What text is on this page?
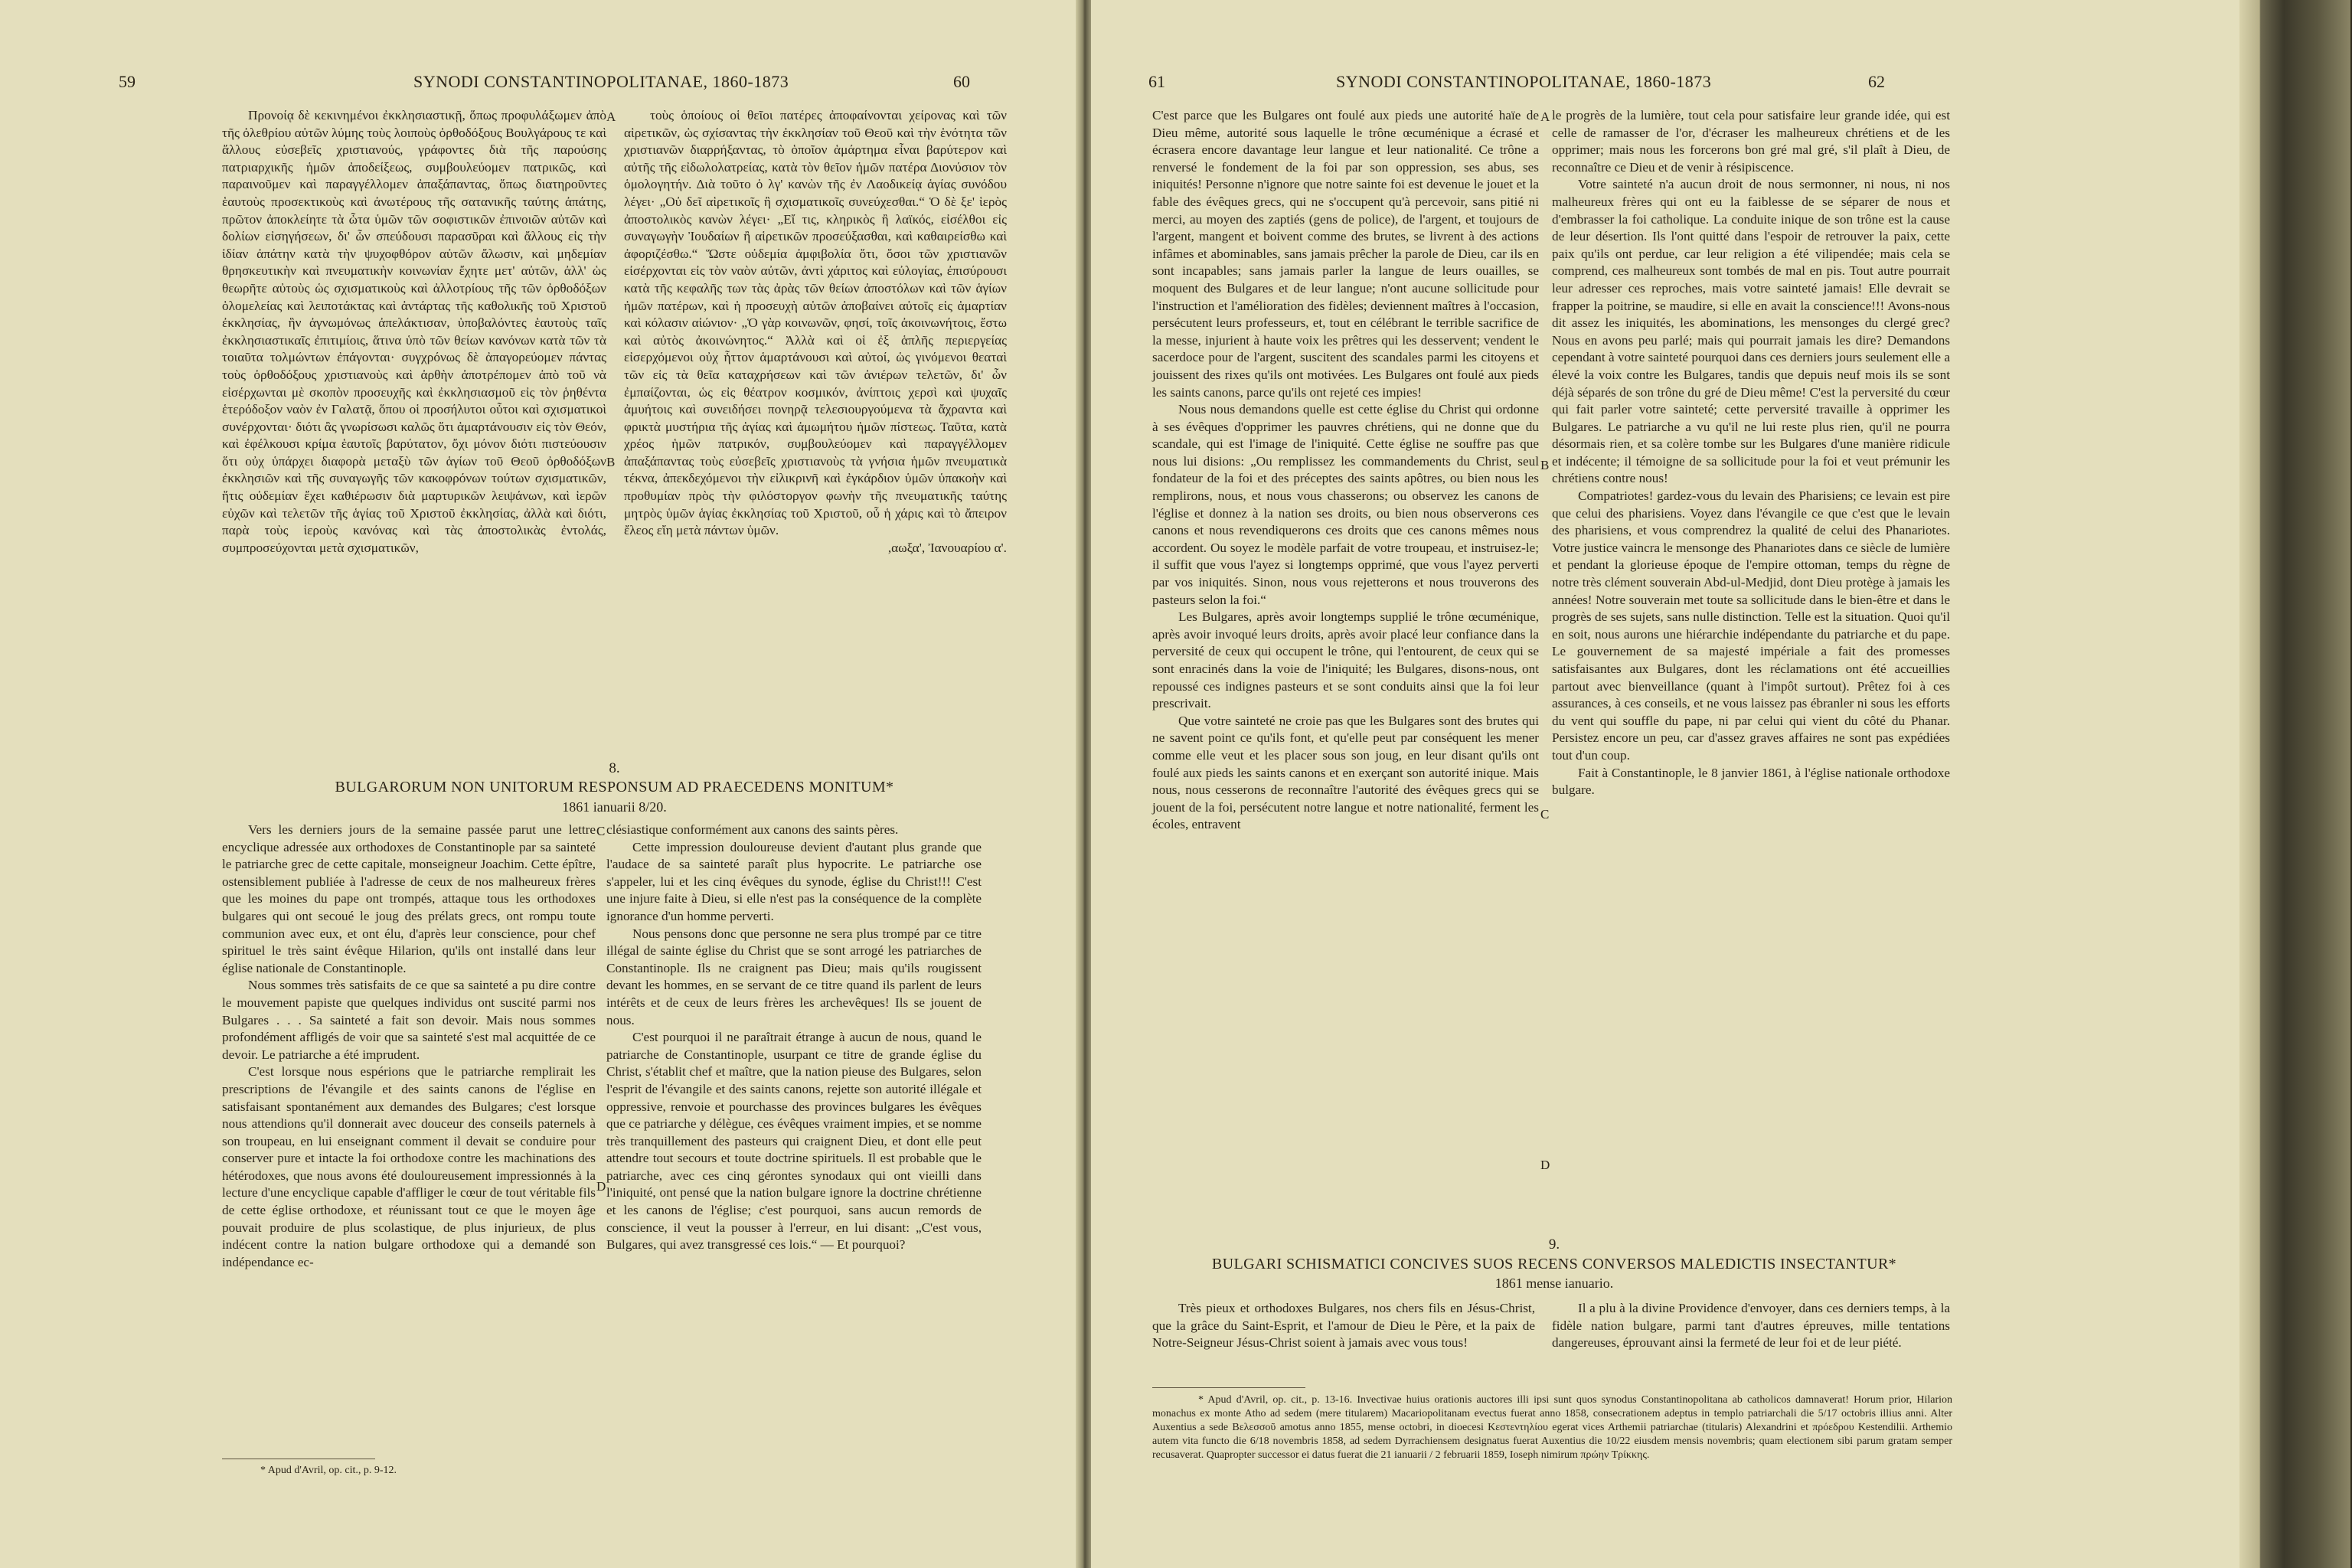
59	SYNODI CONSTANTINOPOLITANAE, 1860-1873	60

Προνοίᾳ δὲ κεκινημένοι ἐκκλησιαστικῇ, ὅπως προφυλάξωμεν ἀπὸ τῆς ὀλεθρίου αὐτῶν λύμης τοὺς λοιποὺς ὀρθοδόξους Βουλγάρους τε καὶ ἄλλους εὐσεβεῖς χριστιανούς, γράφοντες διὰ τῆς παρούσης πατριαρχικῆς ἡμῶν ἀποδείξεως, συμβουλεύομεν πατρικῶς, καὶ παραινοῦμεν καὶ παραγγέλλομεν ἀπαξάπαντας, ὅπως διατηροῦντες ἑαυτοὺς προσεκτικοὺς καὶ ἀνωτέρους τῆς σατανικῆς ταύτης ἀπάτης, πρῶτον ἀποκλείητε τὰ ὦτα ὑμῶν τῶν σοφιστικῶν ἐπινοιῶν αὐτῶν καὶ δολίων εἰσηγήσεων, δι' ὧν σπεύδουσι παρασῦραι καὶ ἄλλους εἰς τὴν ἰδίαν ἀπάτην κατὰ τὴν ψυχοφθόρον αὐτῶν ἄλωσιν, καὶ μηδεμίαν θρησκευτικὴν καὶ πνευματικὴν κοινωνίαν ἔχητε μετ' αὐτῶν, ἀλλ' ὡς θεωρῆτε αὐτοὺς ὡς σχισματικοὺς καὶ ἀλλοτρίους τῆς τῶν ὀρθοδόξων ὁλομελείας καὶ λειποτάκτας καὶ ἀντάρτας τῆς καθολικῆς τοῦ Χριστοῦ ἐκκλησίας, ἣν ἀγνωμόνως ἀπελάκτισαν, ὑποβαλόντες ἑαυτοὺς ταῖς ἐκκλησιαστικαῖς ἐπιτιμίοις, ἅτινα ὑπὸ τῶν θείων κανόνων κατὰ τῶν τὰ τοιαῦτα τολμώντων ἐπάγονται· συγχρόνως δὲ ἀπαγορεύομεν πάντας τοὺς ὀρθοδόξους χριστιανοὺς καὶ ἀρθὴν ἀποτρέπομεν ἀπὸ τοῦ νὰ εἰσέρχωνται μὲ σκοπὸν προσευχῆς καὶ ἐκκλησιασμοῦ εἰς τὸν ῥηθέντα ἑτερόδοξον ναὸν ἐν Γαλατᾷ, ὅπου οἱ προσήλυτοι οὗτοι καὶ σχισματικοὶ συνέρχονται· διότι ἂς γνωρίσωσι καλῶς ὅτι ἁμαρτάνουσιν εἰς τὸν Θεόν, καὶ ἐφέλκουσι κρίμα ἑαυτοῖς βαρύτατον, ὄχι μόνον διότι πιστεύουσιν ὅτι οὐχ ὑπάρχει διαφορὰ μεταξὺ τῶν ἁγίων τοῦ Θεοῦ ὀρθοδόξων ἐκκλησιῶν καὶ τῆς συναγωγῆς τῶν κακοφρόνων τούτων σχισματικῶν, ἥτις οὐδεμίαν ἔχει καθιέρωσιν διὰ μαρτυρικῶν λειψάνων, καὶ ἱερῶν εὐχῶν καὶ τελετῶν τῆς ἁγίας τοῦ Χριστοῦ ἐκκλησίας, ἀλλὰ καὶ διότι, παρὰ τοὺς ἱεροὺς κανόνας καὶ τὰς ἀποστολικὰς ἐντολάς, συμπροσεύχονται μετὰ σχισματικῶν,

τοὺς ὁποίους οἱ θεῖοι πατέρες ἀποφαίνονται χείρονας καὶ τῶν αἱρετικῶν, ὡς σχίσαντας τὴν ἐκκλησίαν τοῦ Θεοῦ καὶ τὴν ἑνότητα τῶν χριστιανῶν διαρρήξαντας, τὸ ὁποῖον ἁμάρτημα εἶναι βαρύτερον καὶ αὐτῆς τῆς εἰδωλολατρείας, κατὰ τὸν θεῖον ἡμῶν πατέρα Διονύσιον τὸν ὁμολογητήν. Διὰ τοῦτο ὁ λγ' κανὼν τῆς ἐν Λαοδικείᾳ ἁγίας συνόδου λέγει· „Οὐ δεῖ αἱρετικοῖς ἢ σχισματικοῖς συνεύχεσθαι.“ Ὁ δὲ ξε' ἱερὸς ἀποστολικὸς κανὼν λέγει· „Εἴ τις, κληρικὸς ἢ λαϊκός, εἰσέλθοι εἰς συναγωγὴν Ἰουδαίων ἢ αἱρετικῶν προσεύξασθαι, καὶ καθαιρείσθω καὶ ἀφοριζέσθω.“ Ὥστε οὐδεμία ἀμφιβολία ὅτι, ὅσοι τῶν χριστιανῶν εἰσέρχονται εἰς τὸν ναὸν αὐτῶν, ἀντὶ χάριτος καὶ εὐλογίας, ἐπισύρουσι κατὰ τῆς κεφαλῆς των τὰς ἀρὰς τῶν θείων ἀποστόλων καὶ τῶν ἁγίων ἡμῶν πατέρων, καὶ ἡ προσευχὴ αὐτῶν ἀποβαίνει αὐτοῖς εἰς ἁμαρτίαν καὶ κόλασιν αἰώνιον· „Ὁ γὰρ κοινωνῶν, φησί, τοῖς ἀκοινωνήτοις, ἔστω καὶ αὐτὸς ἀκοινώνητος.“ Ἀλλὰ καὶ οἱ ἐξ ἁπλῆς περιεργείας εἰσερχόμενοι οὐχ ἧττον ἁμαρτάνουσι καὶ αὐτοί, ὡς γινόμενοι θεαταὶ τῶν εἰς τὰ θεῖα καταχρήσεων καὶ τῶν ἀνιέρων τελετῶν, δι' ὧν ἐμπαίζονται, ὡς εἰς θέατρον κοσμικόν, ἀνίπτοις χερσὶ καὶ ψυχαῖς ἀμυήτοις καὶ συνειδήσει πονηρᾷ τελεσιουργούμενα τὰ ἄχραντα καὶ φρικτὰ μυστήρια τῆς ἁγίας καὶ ἀμωμήτου ἡμῶν πίστεως. Ταῦτα, κατὰ χρέος ἡμῶν πατρικόν, συμβουλεύομεν καὶ παραγγέλλομεν ἀπαξάπαντας τοὺς εὐσεβεῖς χριστιανοὺς τὰ γνήσια ἡμῶν πνευματικὰ τέκνα, ἀπεκδεχόμενοι τὴν εἰλικρινῆ καὶ ἐγκάρδιον ὑμῶν ὑπακοὴν καὶ προθυμίαν πρὸς τὴν φιλόστοργον φωνὴν τῆς πνευματικῆς ταύτης μητρὸς ὑμῶν ἁγίας ἐκκλησίας τοῦ Χριστοῦ, οὗ ἡ χάρις καὶ τὸ ἄπειρον ἔλεος εἴη μετὰ πάντων ὑμῶν.

,αωξα', Ἰανουαρίου α'.

A
B
8.
BULGARORUM NON UNITORUM RESPONSUM AD PRAECEDENS MONITUM*
1861 ianuarii 8/20.

Vers les derniers jours de la semaine passée parut une lettre encyclique adressée aux orthodoxes de Constantinople par sa sainteté le patriarche grec de cette capitale, monseigneur Joachim. Cette épître, ostensiblement publiée à l'adresse de ceux de nos malheureux frères que les moines du pape ont trompés, attaque tous les orthodoxes bulgares qui ont secoué le joug des prélats grecs, ont rompu toute communion avec eux, et ont élu, d'après leur conscience, pour chef spirituel le très saint évêque Hilarion, qu'ils ont installé dans leur église nationale de Constantinople.

Nous sommes très satisfaits de ce que sa sainteté a pu dire contre le mouvement papiste que quelques individus ont suscité parmi nos Bulgares . . . Sa sainteté a fait son devoir. Mais nous sommes profondément affligés de voir que sa sainteté s'est mal acquittée de ce devoir. Le patriarche a été imprudent.

C'est lorsque nous espérions que le patriarche remplirait les prescriptions de l'évangile et des saints canons de l'église en satisfaisant spontanément aux demandes des Bulgares; c'est lorsque nous attendions qu'il donnerait avec douceur des conseils paternels à son troupeau, en lui enseignant comment il devait se conduire pour conserver pure et intacte la foi orthodoxe contre les machinations des hétérodoxes, que nous avons été douloureusement impressionnés à la lecture d'une encyclique capable d'affliger le cœur de tout véritable fils de cette église orthodoxe, et réunissant tout ce que le moyen âge pouvait produire de plus scolastique, de plus injurieux, de plus indécent contre la nation bulgare orthodoxe qui a demandé son indépendance ec-

clésiastique conformément aux canons des saints pères.

Cette impression douloureuse devient d'autant plus grande que l'audace de sa sainteté paraît plus hypocrite. Le patriarche ose s'appeler, lui et les cinq évêques du synode, église du Christ!!! C'est une injure faite à Dieu, si elle n'est pas la conséquence de la complète ignorance d'un homme perverti.

Nous pensons donc que personne ne sera plus trompé par ce titre illégal de sainte église du Christ que se sont arrogé les patriarches de Constantinople. Ils ne craignent pas Dieu; mais qu'ils rougissent devant les hommes, en se servant de ce titre quand ils parlent de leurs intérêts et de ceux de leurs frères les archevêques! Ils se jouent de nous.

C'est pourquoi il ne paraîtrait étrange à aucun de nous, quand le patriarche de Constantinople, usurpant ce titre de grande église du Christ, s'établit chef et maître, que la nation pieuse des Bulgares, selon l'esprit de l'évangile et des saints canons, rejette son autorité illégale et oppressive, renvoie et pourchasse des provinces bulgares les évêques que ce patriarche y délègue, ces évêques vraiment impies, et se nomme très tranquillement des pasteurs qui craignent Dieu, et dont elle peut attendre tout secours et toute doctrine spirituels. Il est probable que le patriarche, avec ces cinq gérontes synodaux qui ont vieilli dans l'iniquité, ont pensé que la nation bulgare ignore la doctrine chrétienne et les canons de l'église; c'est pourquoi, sans aucun remords de conscience, il veut la pousser à l'erreur, en lui disant: „C'est vous, Bulgares, qui avez transgressé ces lois.“ — Et pourquoi?

C
D
* Apud d'Avril, op. cit., p. 9-12.
61	SYNODI CONSTANTINOPOLITANAE, 1860-1873	62

C'est parce que les Bulgares ont foulé aux pieds une autorité haïe de Dieu même, autorité sous laquelle le trône œcuménique a écrasé et écrasera encore davantage leur langue et leur nationalité. Ce trône a renversé le fondement de la foi par son oppression, ses abus, ses iniquités! Personne n'ignore que notre sainte foi est devenue le jouet et la fable des évêques grecs, qui ne s'occupent qu'à percevoir, sans pitié ni merci, au moyen des zaptiés (gens de police), de l'argent, et toujours de l'argent, mangent et boivent comme des brutes, se livrent à des actions infâmes et abominables, sans jamais prêcher la parole de Dieu, car ils en sont incapables; sans jamais parler la langue de leurs ouailles, se moquent des Bulgares et de leur langue; n'ont aucune sollicitude pour l'instruction et l'amélioration des fidèles; deviennent maîtres à l'occasion, persécutent leurs professeurs, et, tout en célébrant le terrible sacrifice de la messe, injurient à haute voix les prêtres qui les desservent; vendent le sacerdoce pour de l'argent, suscitent des scandales parmi les citoyens et jouissent des rixes qu'ils ont motivées. Les Bulgares ont foulé aux pieds les saints canons, parce qu'ils ont rejeté ces impies!

Nous nous demandons quelle est cette église du Christ qui ordonne à ses évêques d'opprimer les pauvres chrétiens, qui ne donne que du scandale, qui est l'image de l'iniquité. Cette église ne souffre pas que nous lui disions: „Ou remplissez les commandements du Christ, seul fondateur de la foi et des préceptes des saints apôtres, ou bien nous les remplirons, nous, et nous vous chasserons; ou observez les canons de l'église et donnez à la nation ses droits, ou bien nous observerons ces canons et nous revendiquerons ces droits que ces canons mêmes nous accordent. Ou soyez le modèle parfait de votre troupeau, et instruisez-le; il suffit que vous l'ayez si longtemps opprimé, que vous l'ayez perverti par vos iniquités. Sinon, nous vous rejetterons et nous trouverons des pasteurs selon la foi.“

Les Bulgares, après avoir longtemps supplié le trône œcuménique, après avoir invoqué leurs droits, après avoir placé leur confiance dans la perversité de ceux qui occupent le trône, qui l'entourent, de ceux qui se sont enracinés dans la voie de l'iniquité; les Bulgares, disons-nous, ont repoussé ces indignes pasteurs et se sont conduits ainsi que la foi leur prescrivait.

Que votre sainteté ne croie pas que les Bulgares sont des brutes qui ne savent point ce qu'ils font, et qu'elle peut par conséquent les mener comme elle veut et les placer sous son joug, en leur disant qu'ils ont foulé aux pieds les saints canons et en exerçant son autorité inique. Mais nous, nous cesserons de reconnaître l'autorité des évêques grecs qui se jouent de la foi, persécutent notre langue et notre nationalité, ferment les écoles, entravent

le progrès de la lumière, tout cela pour satisfaire leur grande idée, qui est celle de ramasser de l'or, d'écraser les malheureux chrétiens et de les opprimer; mais nous les forcerons bon gré mal gré, s'il plaît à Dieu, de reconnaître ce Dieu et de venir à résipiscence.

Votre sainteté n'a aucun droit de nous sermonner, ni nous, ni nos malheureux frères qui ont eu la faiblesse de se séparer de nous et d'embrasser la foi catholique. La conduite inique de son trône est la cause de leur désertion. Ils l'ont quitté dans l'espoir de retrouver la paix, cette paix qu'ils ont perdue, car leur religion a été vilipendée; mais cela se comprend, ces malheureux sont tombés de mal en pis. Tout autre pourrait leur adresser ces reproches, mais votre sainteté jamais! Elle devrait se frapper la poitrine, se maudire, si elle en avait la conscience!!! Avons-nous dit assez les iniquités, les abominations, les mensonges du clergé grec? Nous en avons peu parlé; mais qui pourrait jamais les dire? Demandons cependant à votre sainteté pourquoi dans ces derniers jours seulement elle a élevé la voix contre les Bulgares, tandis que depuis neuf mois ils se sont déjà séparés de son trône du gré de Dieu même! C'est la perversité du cœur qui fait parler votre sainteté; cette perversité travaille à opprimer les Bulgares. Le patriarche a vu qu'il ne lui reste plus rien, qu'il ne pourra désormais rien, et sa colère tombe sur les Bulgares d'une manière ridicule et indécente; il témoigne de sa sollicitude pour la foi et veut prémunir les chrétiens contre nous!

Compatriotes! gardez-vous du levain des Pharisiens; ce levain est pire que celui des pharisiens. Voyez dans l'évangile ce que c'est que le levain des pharisiens, et vous comprendrez la qualité de celui des Phanariotes. Votre justice vaincra le mensonge des Phanariotes dans ce siècle de lumière et pendant la glorieuse époque de l'empire ottoman, temps du règne de notre très clément souverain Abd-ul-Medjid, dont Dieu protège à jamais les années! Notre souverain met toute sa sollicitude dans le bien-être et dans le progrès de ses sujets, sans nulle distinction. Telle est la situation. Quoi qu'il en soit, nous aurons une hiérarchie indépendante du patriarche et du pape. Le gouvernement de sa majesté impériale a fait des promesses satisfaisantes aux Bulgares, dont les réclamations ont été accueillies partout avec bienveillance (quant à l'impôt surtout). Prêtez foi à ces assurances, à ces conseils, et ne vous laissez pas ébranler ni sous les efforts du vent qui souffle du pape, ni par celui qui vient du côté du Phanar. Persistez encore un peu, car d'assez graves affaires ne sont pas expédiées tout d'un coup.

Fait à Constantinople, le 8 janvier 1861, à l'église nationale orthodoxe bulgare.

A
B
C
D
9.
BULGARI SCHISMATICI CONCIVES SUOS RECENS CONVERSOS MALEDICTIS INSECTANTUR*
1861 mense ianuario.

Très pieux et orthodoxes Bulgares, nos chers fils en Jésus-Christ, que la grâce du Saint-Esprit, et l'amour de Dieu le Père, et la paix de Notre-Seigneur Jésus-Christ soient à jamais avec vous tous!

Il a plu à la divine Providence d'envoyer, dans ces derniers temps, à la fidèle nation bulgare, parmi tant d'autres épreuves, mille tentations dangereuses, éprouvant ainsi la fermeté de leur foi et de leur piété.

* Apud d'Avril, op. cit., p. 13-16. Invectivae huius orationis auctores illi ipsi sunt quos synodus Constantinopolitana ab catholicos damnaverat! Horum prior, Hilarion monachus ex monte Atho ad sedem (mere titularem) Macariopolitanam evectus fuerat anno 1858, consecrationem adeptus in templo patriarchali die 5/17 octobris illius anni. Alter Auxentius a sede Βελεσσοῦ amotus anno 1855, mense octobri, in dioecesi Κεστεντηλίου egerat vices Arthemii patriarchae (titularis) Alexandrini et πρόεδρου Kestendilii. Arthemio autem vita functo die 6/18 novembris 1858, ad sedem Dyrrachiensem designatus fuerat Auxentius die 10/22 eiusdem mensis novembris; quam electionem sibi parum gratam semper recusaverat. Quapropter successor ei datus fuerat die 21 ianuarii / 2 februarii 1859, Ioseph nimirum πρώην Τρίκκης.
